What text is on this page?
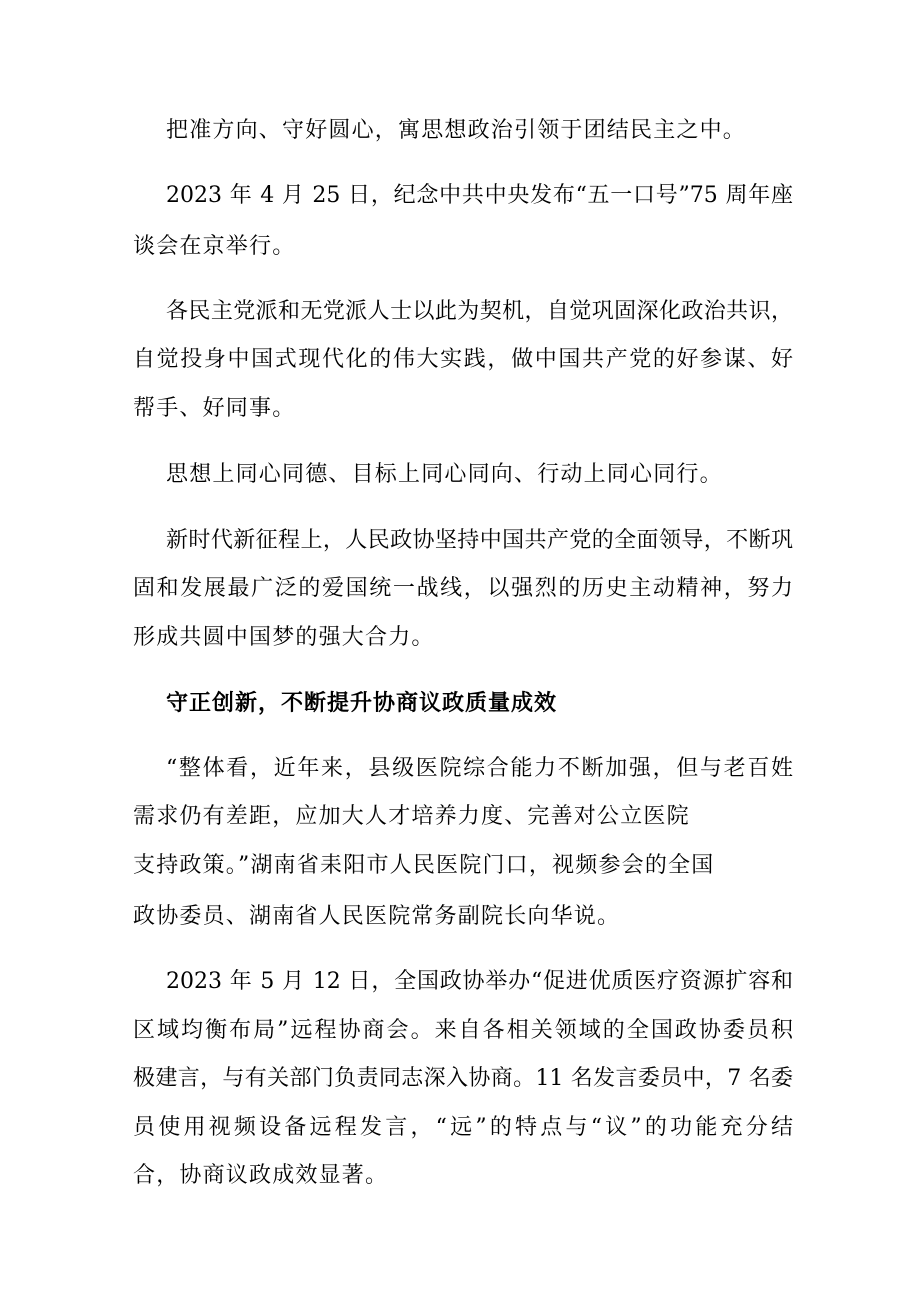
把准方向、守好圆心，寓思想政治引领于团结民主之中。
2023 年 4 月 25 日，纪念中共中央发布“五一口号”75 周年座
谈会在京举行。
各民主党派和无党派人士以此为契机，自觉巩固深化政治共识，
自觉投身中国式现代化的伟大实践，做中国共产党的好参谋、好
帮手、好同事。
思想上同心同德、目标上同心同向、行动上同心同行。
新时代新征程上，人民政协坚持中国共产党的全面领导，不断巩
固和发展最广泛的爱国统一战线，以强烈的历史主动精神，努力
形成共圆中国梦的强大合力。
守正创新，不断提升协商议政质量成效
“整体看，近年来，县级医院综合能力不断加强，但与老百姓
需求仍有差距，应加大人才培养力度、完善对公立医院
支持政策。”湖南省耒阳市人民医院门口，视频参会的全国
政协委员、湖南省人民医院常务副院长向华说。
2023 年 5 月 12 日，全国政协举办“促进优质医疗资源扩容和
区域均衡布局”远程协商会。来自各相关领域的全国政协委员积
极建言，与有关部门负责同志深入协商。11 名发言委员中，7 名委
员使用视频设备远程发言，“远”的特点与“议”的功能充分结
合，协商议政成效显著。
